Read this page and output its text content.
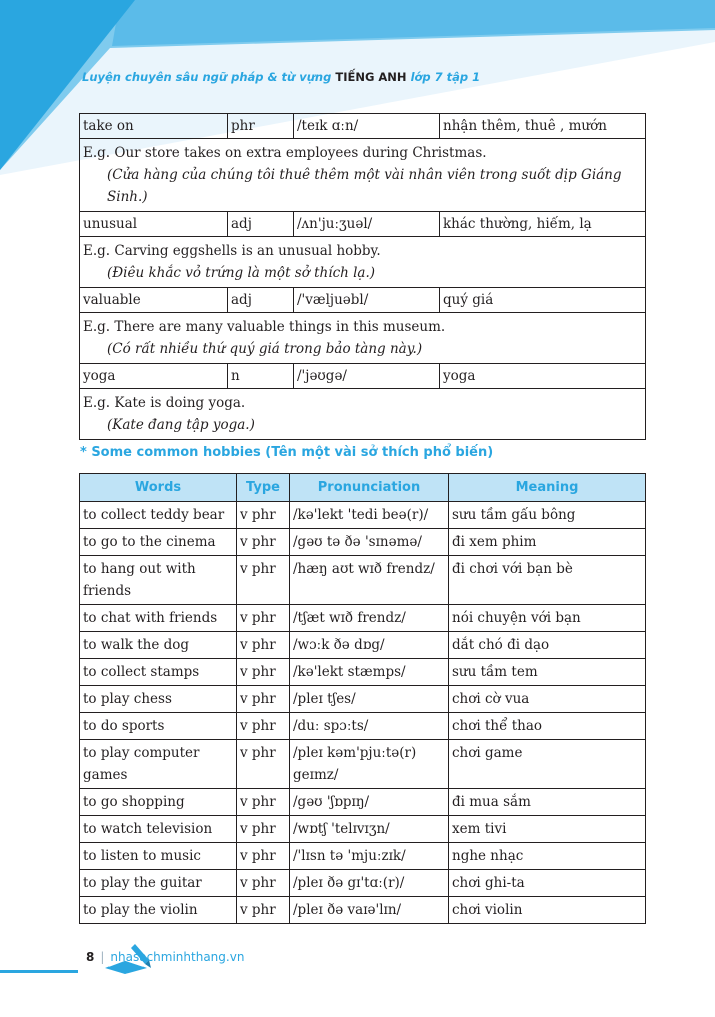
Luyện chuyên sâu ngữ pháp & từ vựng TIẾNG ANH lớp 7 tập 1
take on	phr	/teɪk ɑːn/	nhận thêm, thuê , mướn

E.g. Our store takes on extra employees during Christmas.
(Cửa hàng của chúng tôi thuê thêm một vài nhân viên trong suốt dịp Giáng Sinh.)			

unusual	adj	/ʌn'juːʒuəl/	khác thường, hiếm, lạ

E.g. Carving eggshells is an unusual hobby.
(Điêu khắc vỏ trứng là một sở thích lạ.)			

valuable	adj	/'væljuəbl/	quý giá

E.g. There are many valuable things in this museum.
(Có rất nhiều thứ quý giá trong bảo tàng này.)			

yoga	n	/'jəʊgə/	yoga

E.g. Kate is doing yoga.
(Kate đang tập yoga.)			
* Some common hobbies (Tên một vài sở thích phổ biến)
Words	Type	Pronunciation	Meaning
to collect teddy bear	v phr	/kə'lekt 'tedi beə(r)/	sưu tầm gấu bông
to go to the cinema	v phr	/gəʊ tə ðə 'sɪnəmə/	đi xem phim
to hang out with friends	v phr	/hæŋ aʊt wɪð frendz/	đi chơi với bạn bè
to chat with friends	v phr	/tʃæt wɪð frendz/	nói chuyện với bạn
to walk the dog	v phr	/wɔːk ðə dɒg/	dắt chó đi dạo
to collect stamps	v phr	/kə'lekt stæmps/	sưu tầm tem
to play chess	v phr	/pleɪ tʃes/	chơi cờ vua
to do sports	v phr	/duː spɔːts/	chơi thể thao
to play computer games	v phr	/pleɪ kəm'pjuːtə(r) geɪmz/	chơi game
to go shopping	v phr	/gəʊ 'ʃɒpɪŋ/	đi mua sắm
to watch television	v phr	/wɒtʃ 'telɪvɪʒn/	xem tivi
to listen to music	v phr	/'lɪsn tə 'mjuːzɪk/	nghe nhạc
to play the guitar	v phr	/pleɪ ðə gɪ'tɑː(r)/	chơi ghi-ta
to play the violin	v phr	/pleɪ ðə vaɪə'lɪn/	chơi violin
8 | nhasachminhthang.vn
